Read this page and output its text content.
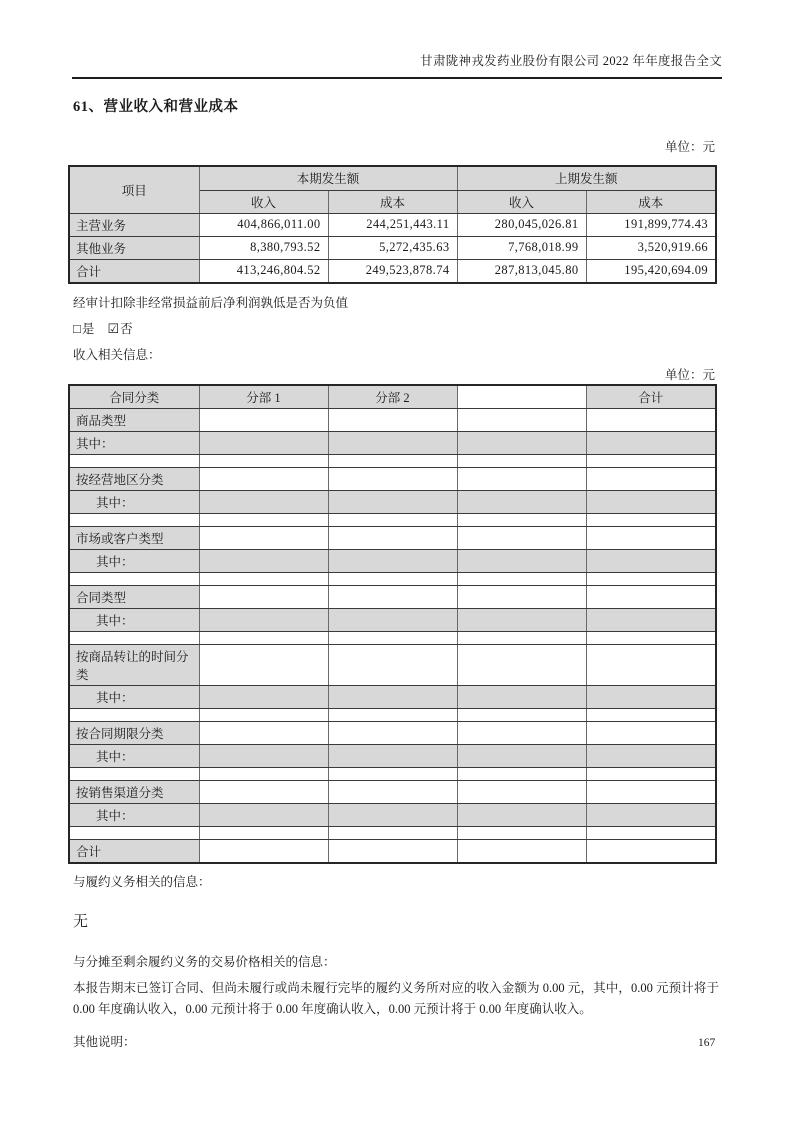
甘肃陇神戎发药业股份有限公司 2022 年年度报告全文
61、营业收入和营业成本
单位：元
项目	本期发生额		上期发生额	
	收入	成本	收入	成本
主营业务	404,866,011.00	244,251,443.11	280,045,026.81	191,899,774.43
其他业务	8,380,793.52	5,272,435.63	7,768,018.99	3,520,919.66
合计	413,246,804.52	249,523,878.74	287,813,045.80	195,420,694.09

经审计扣除非经常损益前后净利润孰低是否为负值

□是 ☑否

收入相关信息：

单位：元
合同分类	分部 1	分部 2		合计
商品类型				
其中：				

按经营地区分类				
其中：				

市场或客户类型				
其中：				

合同类型				
其中：				

按商品转让的时间分类				
其中：				

按合同期限分类				
其中：				

按销售渠道分类				
其中：				

合计				

与履约义务相关的信息：

无

与分摊至剩余履约义务的交易价格相关的信息：

本报告期末已签订合同、但尚未履行或尚未履行完毕的履约义务所对应的收入金额为 0.00 元，其中，0.00 元预计将于 0.00 年度确认收入，0.00 元预计将于 0.00 年度确认收入，0.00 元预计将于 0.00 年度确认收入。

其他说明：	167
